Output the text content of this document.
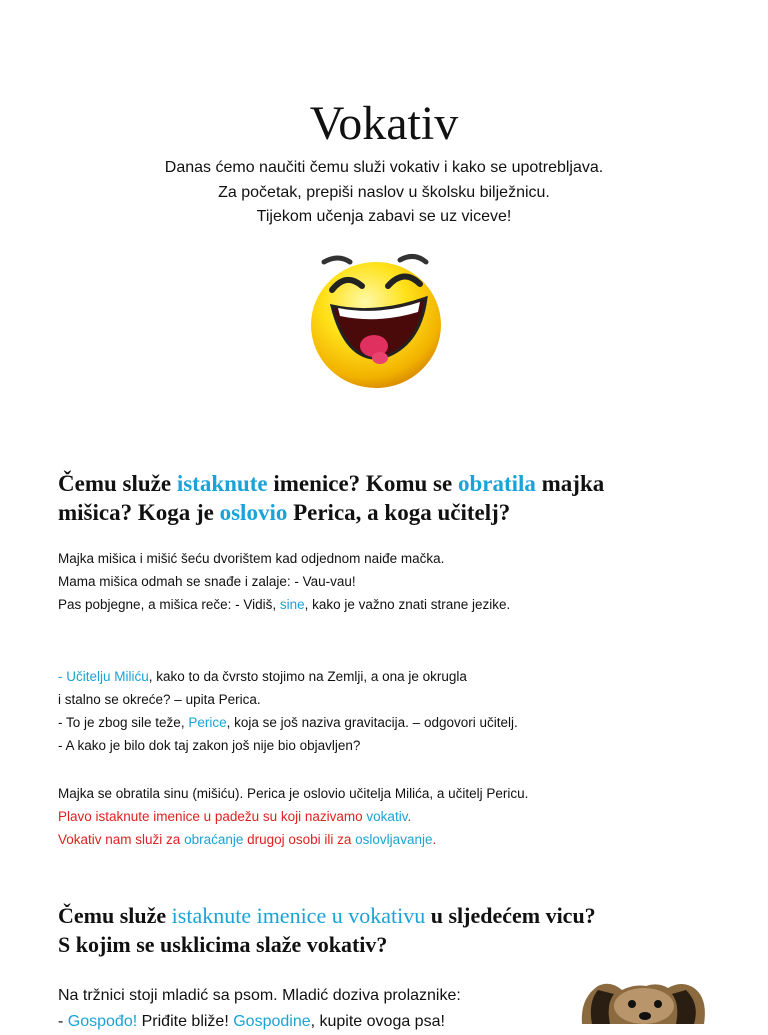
Vokativ
Danas ćemo naučiti čemu služi vokativ i kako se upotrebljava.
Za početak, prepiši naslov u školsku bilježnicu.
Tijekom učenja zabavi se uz viceve!
Čemu služe istaknute imenice? Komu se obratila majka
mišica? Koga je oslovio Perica, a koga učitelj?
Majka mišica i mišić šeću dvorištem kad odjednom naiđe mačka.
Mama mišica odmah se snađe i zalaje: - Vau-vau!
Pas pobjegne, a mišica reče: - Vidiš, sine, kako je važno znati strane jezike.
- Učitelju Miliću, kako to da čvrsto stojimo na Zemlji, a ona je okrugla
i stalno se okreće? – upita Perica.
- To je zbog sile teže, Perice, koja se još naziva gravitacija. – odgovori učitelj.
- A kako je bilo dok taj zakon još nije bio objavljen?
Majka se obratila sinu (mišiću). Perica je oslovio učitelja Milića, a učitelj Pericu.
Plavo istaknute imenice u padežu su koji nazivamo vokativ.
Vokativ nam služi za obraćanje drugoj osobi ili za oslovljavanje.
Čemu služe istaknute imenice u vokativu u sljedećem vicu?
S kojim se usklicima slaže vokativ?
Na tržnici stoji mladić sa psom. Mladić doziva prolaznike:
- Gospođo! Priđite bliže! Gospodine, kupite ovoga psa!
